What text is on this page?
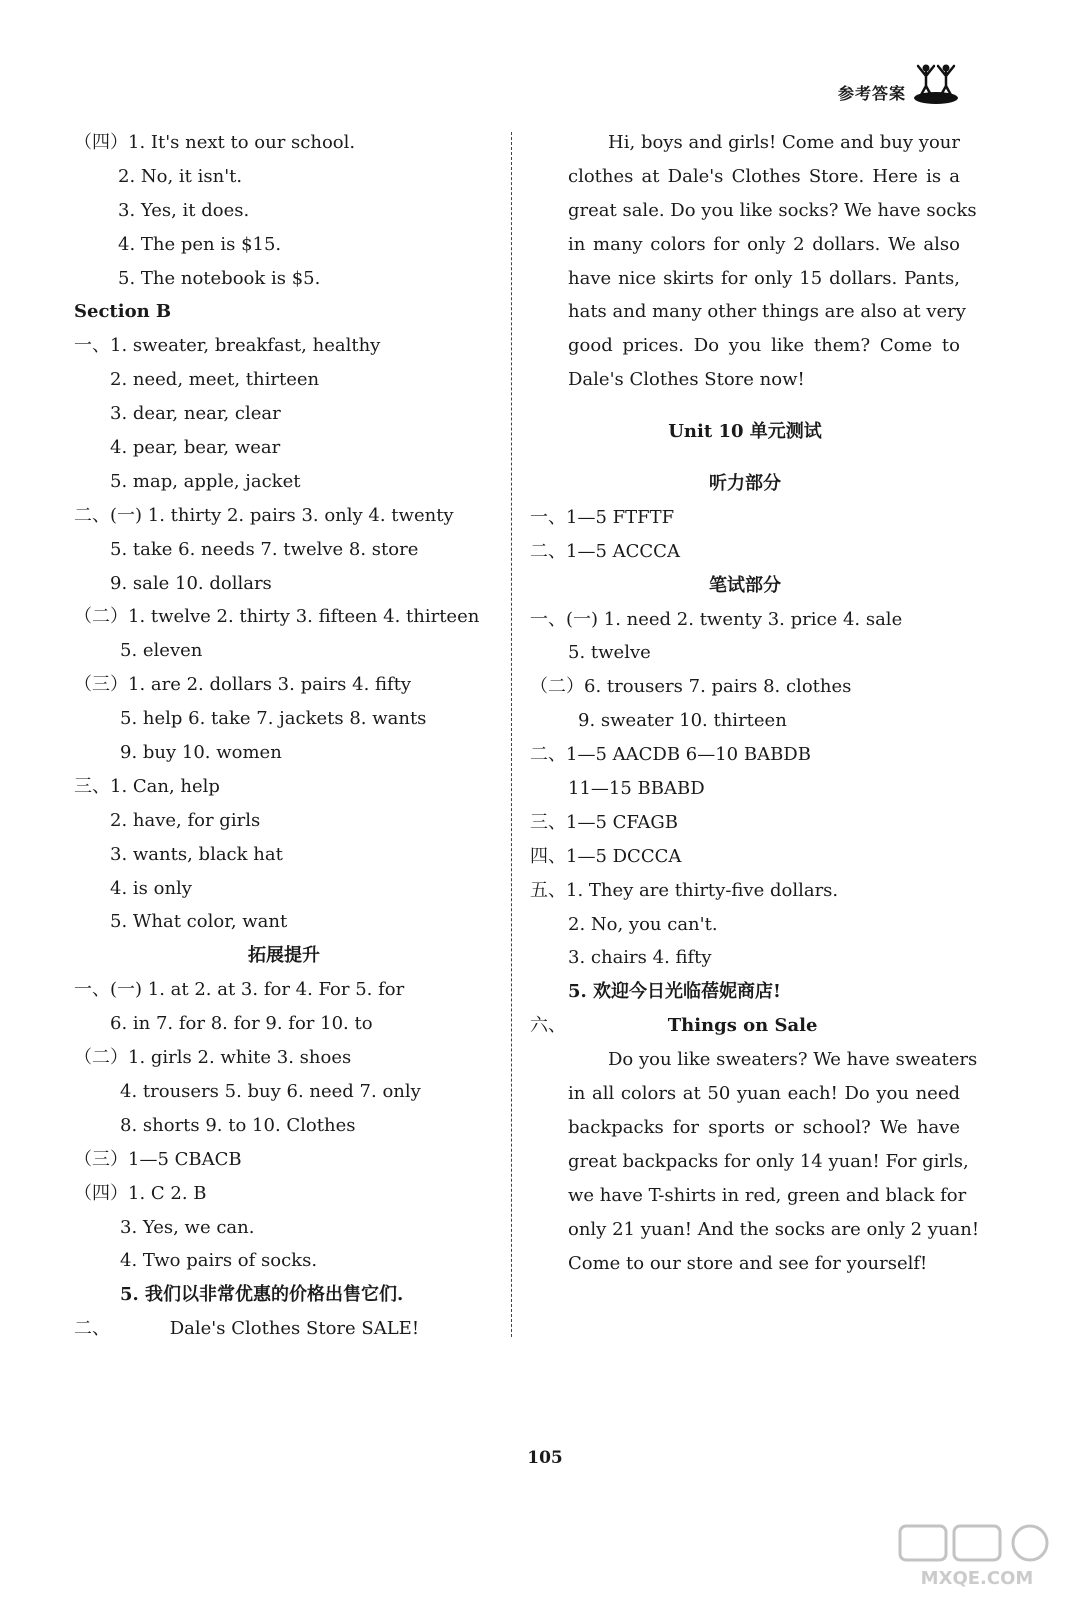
参考答案
（四）1. It's next to our school.
2. No, it isn't.
3. Yes, it does.
4. The pen is $15.
5. The notebook is $5.
Section B
一、1. sweater, breakfast, healthy
2. need, meet, thirteen
3. dear, near, clear
4. pear, bear, wear
5. map, apple, jacket
二、(一) 1. thirty 2. pairs 3. only 4. twenty
5. take 6. needs 7. twelve 8. store
9. sale 10. dollars
（二）1. twelve 2. thirty 3. fifteen 4. thirteen
5. eleven
（三）1. are 2. dollars 3. pairs 4. fifty
5. help 6. take 7. jackets 8. wants
9. buy 10. women
三、1. Can, help
2. have, for girls
3. wants, black hat
4. is only
5. What color, want
拓展提升
一、(一) 1. at 2. at 3. for 4. For 5. for
6. in 7. for 8. for 9. for 10. to
（二）1. girls 2. white 3. shoes
4. trousers 5. buy 6. need 7. only
8. shorts 9. to 10. Clothes
（三）1—5 CBACB
（四）1. C 2. B
3. Yes, we can.
4. Two pairs of socks.
5. 我们以非常优惠的价格出售它们.
二、	Dale's Clothes Store SALE!
Hi, boys and girls! Come and buy your
clothes at Dale's Clothes Store. Here is a
great sale. Do you like socks? We have socks
in many colors for only 2 dollars. We also
have nice skirts for only 15 dollars. Pants,
hats and many other things are also at very
good prices. Do you like them? Come to
Dale's Clothes Store now!
Unit 10 单元测试
听力部分
一、1—5 FTFTF
二、1—5 ACCCA
笔试部分
一、(一) 1. need 2. twenty 3. price 4. sale
5. twelve
（二）6. trousers 7. pairs 8. clothes
9. sweater 10. thirteen
二、1—5 AACDB 6—10 BABDB
11—15 BBABD
三、1—5 CFAGB
四、1—5 DCCCA
五、1. They are thirty-five dollars.
2. No, you can't.
3. chairs 4. fifty
5. 欢迎今日光临蓓妮商店!
六、	Things on Sale
Do you like sweaters? We have sweaters
in all colors at 50 yuan each! Do you need
backpacks for sports or school? We have
great backpacks for only 14 yuan! For girls,
we have T-shirts in red, green and black for
only 21 yuan! And the socks are only 2 yuan!
Come to our store and see for yourself!
105
MXQE.COM
